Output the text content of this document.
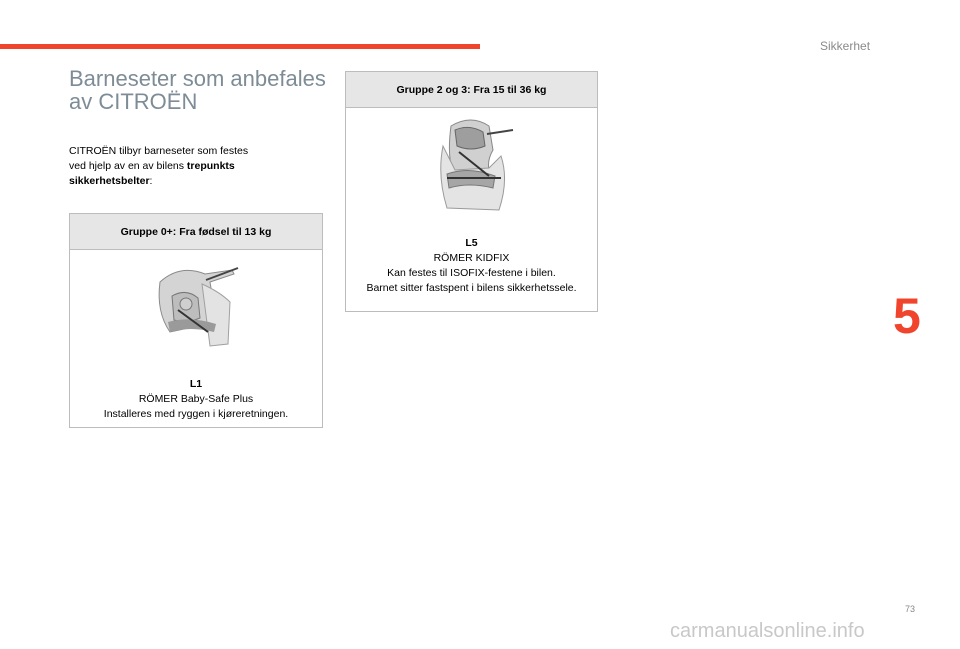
Sikkerhet
Barneseter som anbefales
av CITROËN
CITROËN tilbyr barneseter som festes
ved hjelp av en av bilens trepunkts
sikkerhetsbelter:
Gruppe 0+: Fra fødsel til 13 kg
L1
RÖMER Baby-Safe Plus
Installeres med ryggen i kjøreretningen.
Gruppe 2 og 3: Fra 15 til 36 kg
L5
RÖMER KIDFIX
Kan festes til ISOFIX-festene i bilen.
Barnet sitter fastspent i bilens sikkerhetssele.	5
73
carmanualsonline.info
